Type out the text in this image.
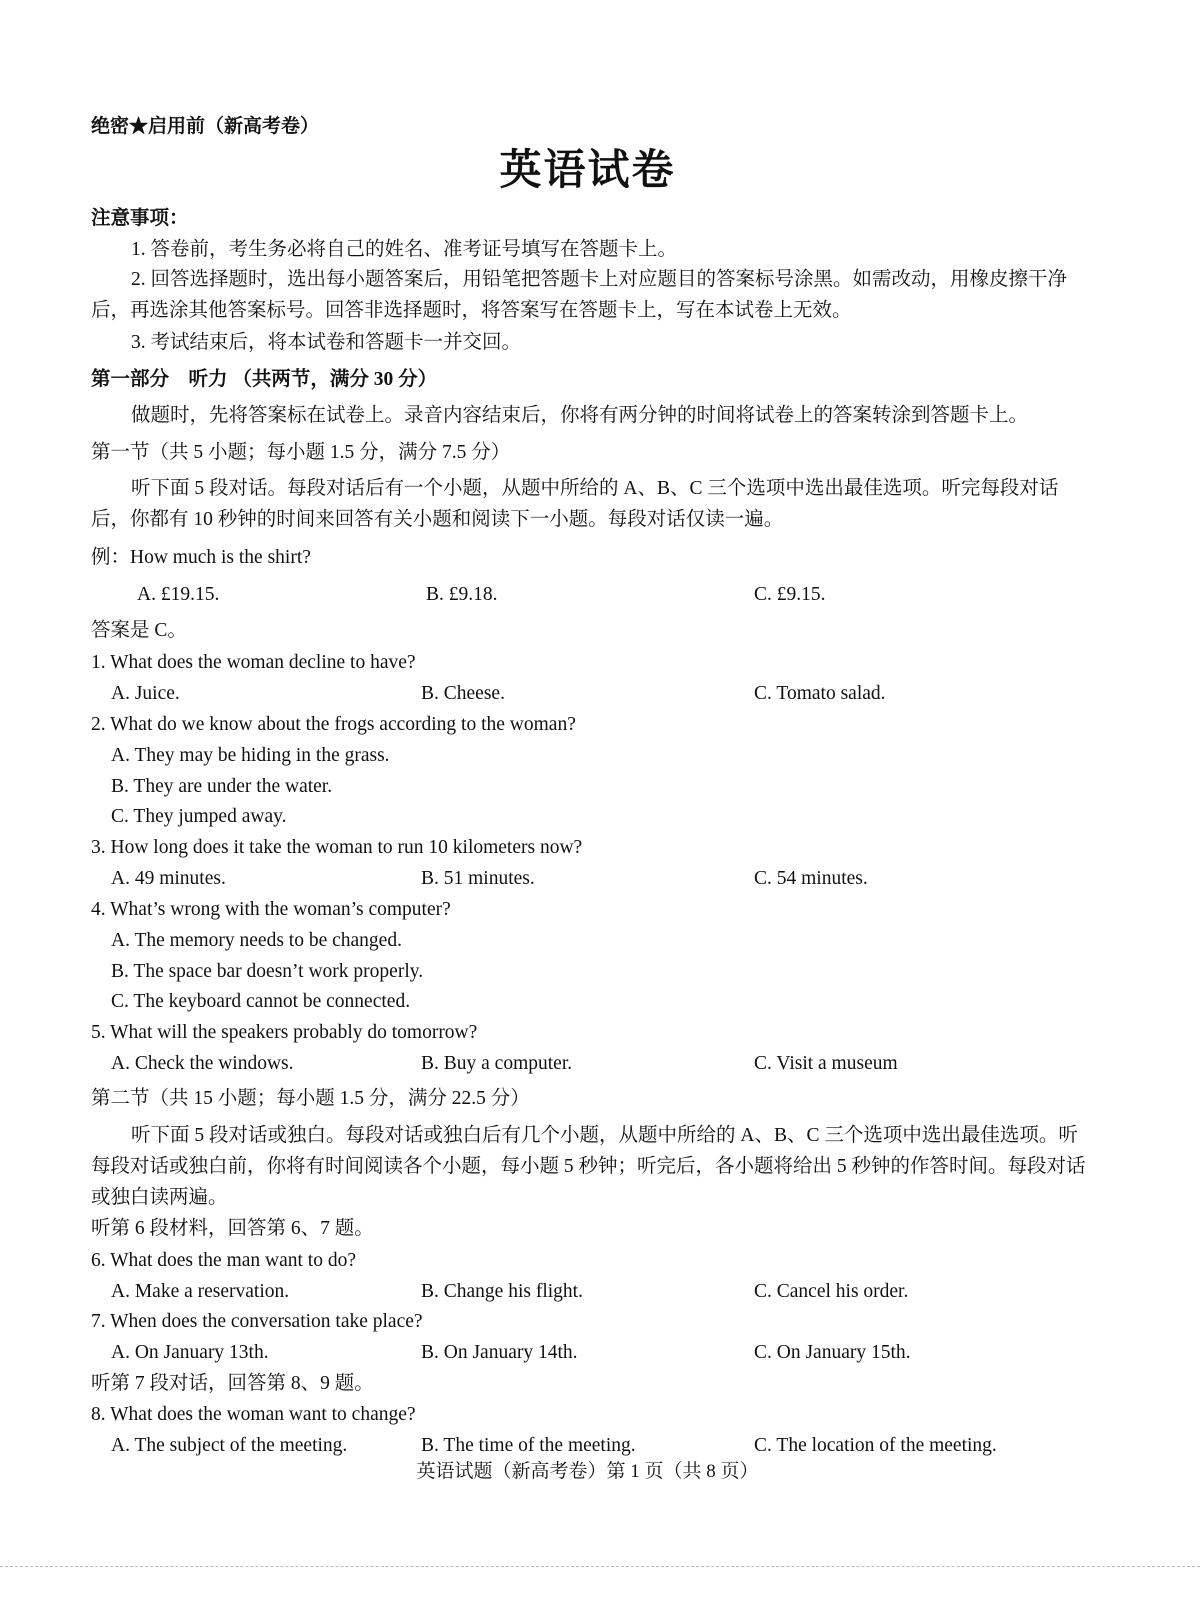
绝密★启用前（新高考卷）
英语试卷
注意事项：
1. 答卷前，考生务必将自己的姓名、准考证号填写在答题卡上。
2. 回答选择题时，选出每小题答案后，用铅笔把答题卡上对应题目的答案标号涂黑。如需改动，用橡皮擦干净后，再选涂其他答案标号。回答非选择题时，将答案写在答题卡上，写在本试卷上无效。
3. 考试结束后，将本试卷和答题卡一并交回。
第一部分　听力 （共两节，满分 30 分）
做题时，先将答案标在试卷上。录音内容结束后，你将有两分钟的时间将试卷上的答案转涂到答题卡上。
第一节（共 5 小题；每小题 1.5 分，满分 7.5 分）
听下面 5 段对话。每段对话后有一个小题，从题中所给的 A、B、C 三个选项中选出最佳选项。听完每段对话后，你都有 10 秒钟的时间来回答有关小题和阅读下一小题。每段对话仅读一遍。
例：How much is the shirt?
A. £19.15.	B. £9.18.	C. £9.15.
答案是 C。
1. What does the woman decline to have?
A. Juice.	B. Cheese.	C. Tomato salad.
2. What do we know about the frogs according to the woman?
A. They may be hiding in the grass.
B. They are under the water.
C. They jumped away.
3. How long does it take the woman to run 10 kilometers now?
A. 49 minutes.	B. 51 minutes.	C. 54 minutes.
4. What’s wrong with the woman’s computer?
A. The memory needs to be changed.
B. The space bar doesn’t work properly.
C. The keyboard cannot be connected.
5. What will the speakers probably do tomorrow?
A. Check the windows.	B. Buy a computer.	C. Visit a museum
第二节（共 15 小题；每小题 1.5 分，满分 22.5 分）
听下面 5 段对话或独白。每段对话或独白后有几个小题，从题中所给的 A、B、C 三个选项中选出最佳选项。听每段对话或独白前，你将有时间阅读各个小题，每小题 5 秒钟；听完后，各小题将给出 5 秒钟的作答时间。每段对话或独白读两遍。
听第 6 段材料，回答第 6、7 题。
6. What does the man want to do?
A. Make a reservation.	B. Change his flight.	C. Cancel his order.
7. When does the conversation take place?
A. On January 13th.	B. On January 14th.	C. On January 15th.
听第 7 段对话，回答第 8、9 题。
8. What does the woman want to change?
A. The subject of the meeting.	B. The time of the meeting.	C. The location of the meeting.
英语试题（新高考卷）第 1 页（共 8 页）
